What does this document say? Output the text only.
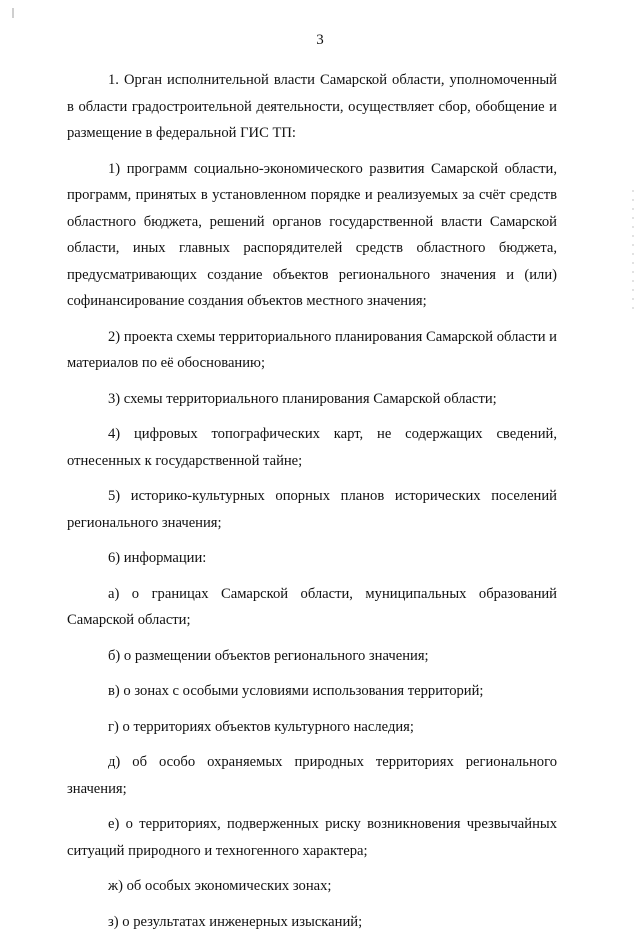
3

1. Орган исполнительной власти Самарской области, уполномоченный в области градостроительной деятельности, осуществляет сбор, обобщение и размещение в федеральной ГИС ТП:

1) программ социально-экономического развития Самарской области, программ, принятых в установленном порядке и реализуемых за счёт средств областного бюджета, решений органов государственной власти Самарской области, иных главных распорядителей средств областного бюджета, предусматривающих создание объектов регионального значения и (или) софинансирование создания объектов местного значения;

2) проекта схемы территориального планирования Самарской области и материалов по её обоснованию;

3) схемы территориального планирования Самарской области;

4) цифровых топографических карт, не содержащих сведений, отнесенных к государственной тайне;

5) историко-культурных опорных планов исторических поселений регионального значения;

6) информации:

а) о границах Самарской области, муниципальных образований Самарской области;

б) о размещении объектов регионального значения;

в) о зонах с особыми условиями использования территорий;

г) о территориях объектов культурного наследия;

д) об особо охраняемых природных территориях регионального значения;

е) о территориях, подверженных риску возникновения чрезвычайных ситуаций природного и техногенного характера;

ж) об особых экономических зонах;

з) о результатах инженерных изысканий;
